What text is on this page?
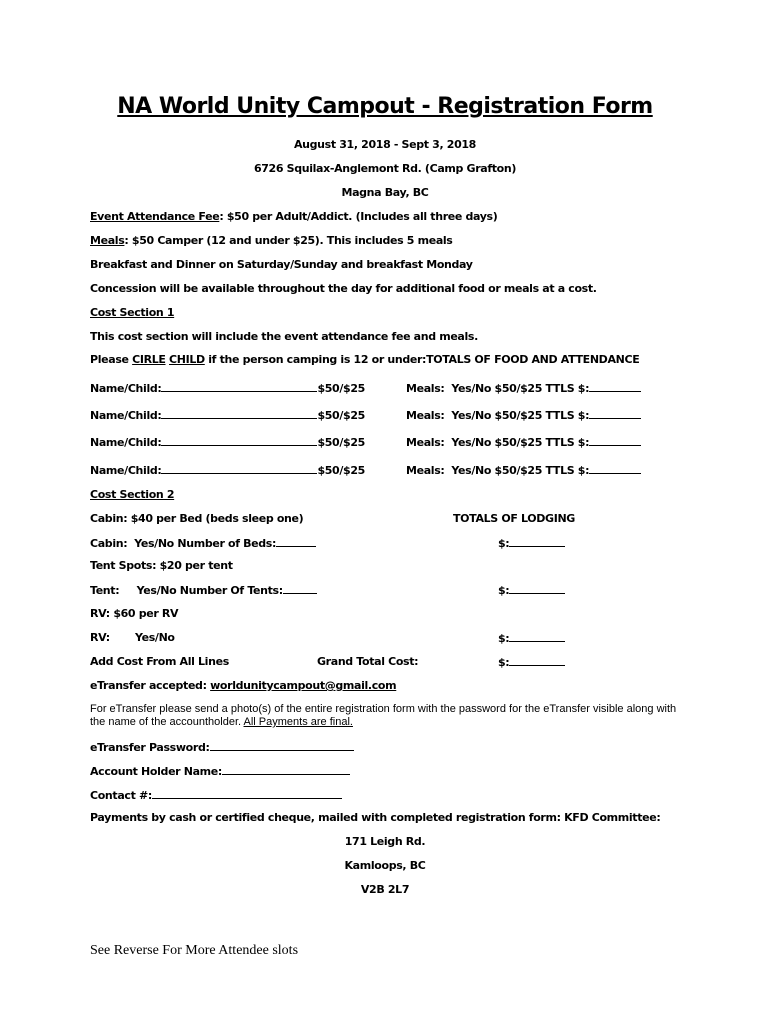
NA World Unity Campout - Registration Form
August 31, 2018 - Sept 3, 2018
6726 Squilax-Anglemont Rd. (Camp Grafton)
Magna Bay, BC
Event Attendance Fee: $50 per Adult/Addict. (Includes all three days)
Meals: $50 Camper (12 and under $25). This includes 5 meals
Breakfast and Dinner on Saturday/Sunday and breakfast Monday
Concession will be available throughout the day for additional food or meals at a cost.
Cost Section 1
This cost section will include the event attendance fee and meals.
Please CIRLE CHILD if the person camping is 12 or under:TOTALS OF FOOD AND ATTENDANCE
Name/Child:	$50/$25	Meals: Yes/No $50/$25 TTLS $:
Name/Child:	$50/$25	Meals: Yes/No $50/$25 TTLS $:
Name/Child:	$50/$25	Meals: Yes/No $50/$25 TTLS $:
Name/Child:	$50/$25	Meals: Yes/No $50/$25 TTLS $:
Cost Section 2
Cabin: $40 per Bed (beds sleep one)	TOTALS OF LODGING
Cabin: Yes/No Number of Beds:	$:
Tent Spots: $20 per tent
Tent: Yes/No Number Of Tents:	$:
RV: $60 per RV
RV: Yes/No	$:
Add Cost From All Lines	Grand Total Cost:	$:
eTransfer accepted: worldunitycampout@gmail.com
For eTransfer please send a photo(s) of the entire registration form with the password for the eTransfer visible along with the name of the accountholder. All Payments are final.
eTransfer Password:
Account Holder Name:
Contact #:
Payments by cash or certified cheque, mailed with completed registration form: KFD Committee:
171 Leigh Rd.
Kamloops, BC
V2B 2L7
See Reverse For More Attendee slots
